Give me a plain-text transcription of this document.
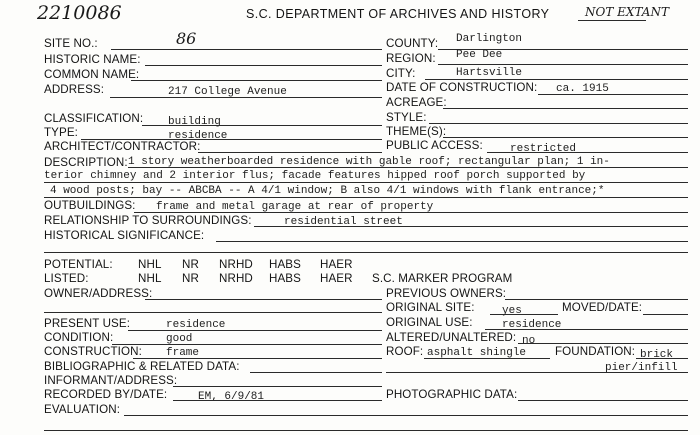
2210086	S.C. DEPARTMENT OF ARCHIVES AND HISTORY	NOT EXTANT
SITE NO.:	86	COUNTY: Darlington
HISTORIC NAME:	REGION: Pee Dee
COMMON NAME:	CITY:	Hartsville
ADDRESS:	217 College Avenue	DATE OF CONSTRUCTION: ca. 1915
ACREAGE:
CLASSIFICATION: building	STYLE:
TYPE:	residence	THEME(S):
ARCHITECT/CONTRACTOR:	PUBLIC ACCESS: restricted
DESCRIPTION: 1 story weatherboarded residence with gable roof; rectangular plan; 1 in-
terior chimney and 2 interior flus; facade features hipped roof porch supported by
4 wood posts; bay -- ABCBA -- A 4/1 window; B also 4/1 windows with flank entrance;*
OUTBUILDINGS: frame and metal garage at rear of property
RELATIONSHIP TO SURROUNDINGS:	residential street
HISTORICAL SIGNIFICANCE:
POTENTIAL: NHL NR NRHD HABS HAER
LISTED:	NHL NR NRHD HABS HAER S.C. MARKER PROGRAM
OWNER/ADDRESS:	PREVIOUS OWNERS:
ORIGINAL SITE: yes	MOVED/DATE:
PRESENT USE:	residence	ORIGINAL USE:	residence
CONDITION:	good	ALTERED/UNALTERED: no
CONSTRUCTION: frame	ROOF: asphalt shingle FOUNDATION: brick
pier/infill
BIBLIOGRAPHIC & RELATED DATA:
INFORMANT/ADDRESS:
RECORDED BY/DATE:	EM, 6/9/81	PHOTOGRAPHIC DATA:
EVALUATION:
